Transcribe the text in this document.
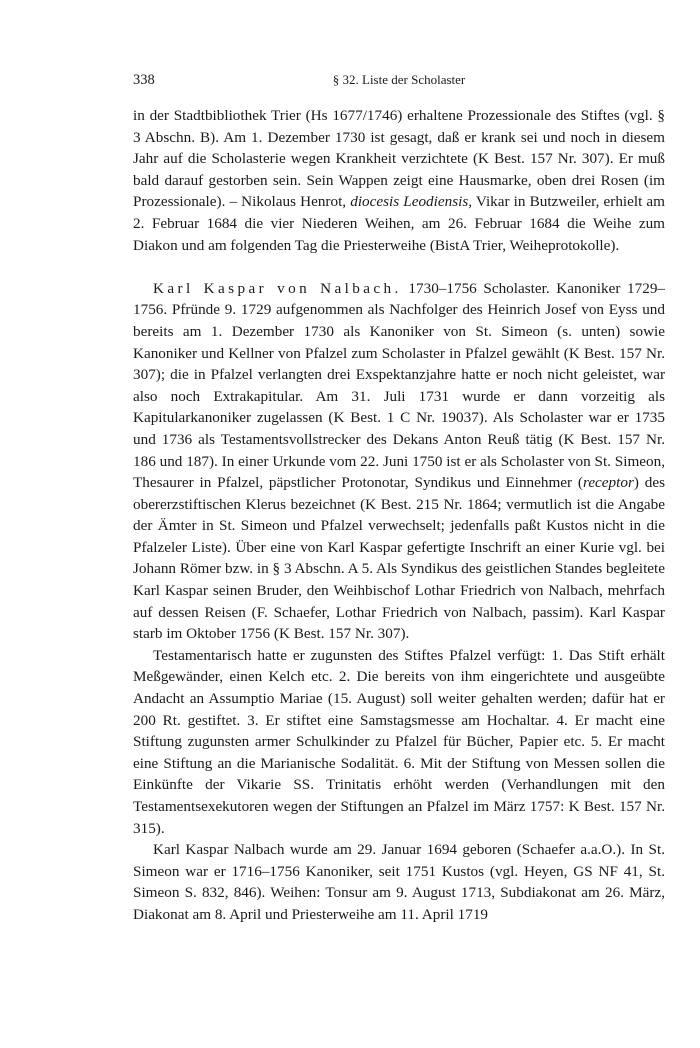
338	§ 32. Liste der Scholaster

in der Stadtbibliothek Trier (Hs 1677/1746) erhaltene Prozessionale des Stiftes (vgl. § 3 Abschn. B). Am 1. Dezember 1730 ist gesagt, daß er krank sei und noch in diesem Jahr auf die Scholasterie wegen Krankheit verzichtete (K Best. 157 Nr. 307). Er muß bald darauf gestorben sein. Sein Wappen zeigt eine Hausmarke, oben drei Rosen (im Prozessionale). – Nikolaus Henrot, diocesis Leodiensis, Vikar in Butzweiler, erhielt am 2. Februar 1684 die vier Niederen Weihen, am 26. Februar 1684 die Weihe zum Diakon und am folgenden Tag die Priesterweihe (BistA Trier, Weiheprotokolle).

Karl Kaspar von Nalbach. 1730–1756 Scholaster. Kanoniker 1729–1756. Pfründe 9. 1729 aufgenommen als Nachfolger des Heinrich Josef von Eyss und bereits am 1. Dezember 1730 als Kanoniker von St. Simeon (s. unten) sowie Kanoniker und Kellner von Pfalzel zum Scholaster in Pfalzel gewählt (K Best. 157 Nr. 307); die in Pfalzel verlangten drei Exspektanzjahre hatte er noch nicht geleistet, war also noch Extrakapitular. Am 31. Juli 1731 wurde er dann vorzeitig als Kapitularkanoniker zugelassen (K Best. 1 C Nr. 19037). Als Scholaster war er 1735 und 1736 als Testamentsvollstrecker des Dekans Anton Reuß tätig (K Best. 157 Nr. 186 und 187). In einer Urkunde vom 22. Juni 1750 ist er als Scholaster von St. Simeon, Thesaurer in Pfalzel, päpstlicher Protonotar, Syndikus und Einnehmer (receptor) des obererzstiftischen Klerus bezeichnet (K Best. 215 Nr. 1864; vermutlich ist die Angabe der Ämter in St. Simeon und Pfalzel verwechselt; jedenfalls paßt Kustos nicht in die Pfalzeler Liste). Über eine von Karl Kaspar gefertigte Inschrift an einer Kurie vgl. bei Johann Römer bzw. in § 3 Abschn. A 5. Als Syndikus des geistlichen Standes begleitete Karl Kaspar seinen Bruder, den Weihbischof Lothar Friedrich von Nalbach, mehrfach auf dessen Reisen (F. Schaefer, Lothar Friedrich von Nalbach, passim). Karl Kaspar starb im Oktober 1756 (K Best. 157 Nr. 307).

Testamentarisch hatte er zugunsten des Stiftes Pfalzel verfügt: 1. Das Stift erhält Meßgewänder, einen Kelch etc. 2. Die bereits von ihm eingerichtete und ausgeübte Andacht an Assumptio Mariae (15. August) soll weiter gehalten werden; dafür hat er 200 Rt. gestiftet. 3. Er stiftet eine Samstagsmesse am Hochaltar. 4. Er macht eine Stiftung zugunsten armer Schulkinder zu Pfalzel für Bücher, Papier etc. 5. Er macht eine Stiftung an die Marianische Sodalität. 6. Mit der Stiftung von Messen sollen die Einkünfte der Vikarie SS. Trinitatis erhöht werden (Verhandlungen mit den Testamentsexekutoren wegen der Stiftungen an Pfalzel im März 1757: K Best. 157 Nr. 315).

Karl Kaspar Nalbach wurde am 29. Januar 1694 geboren (Schaefer a.a.O.). In St. Simeon war er 1716–1756 Kanoniker, seit 1751 Kustos (vgl. Heyen, GS NF 41, St. Simeon S. 832, 846). Weihen: Tonsur am 9. August 1713, Subdiakonat am 26. März, Diakonat am 8. April und Priesterweihe am 11. April 1719
